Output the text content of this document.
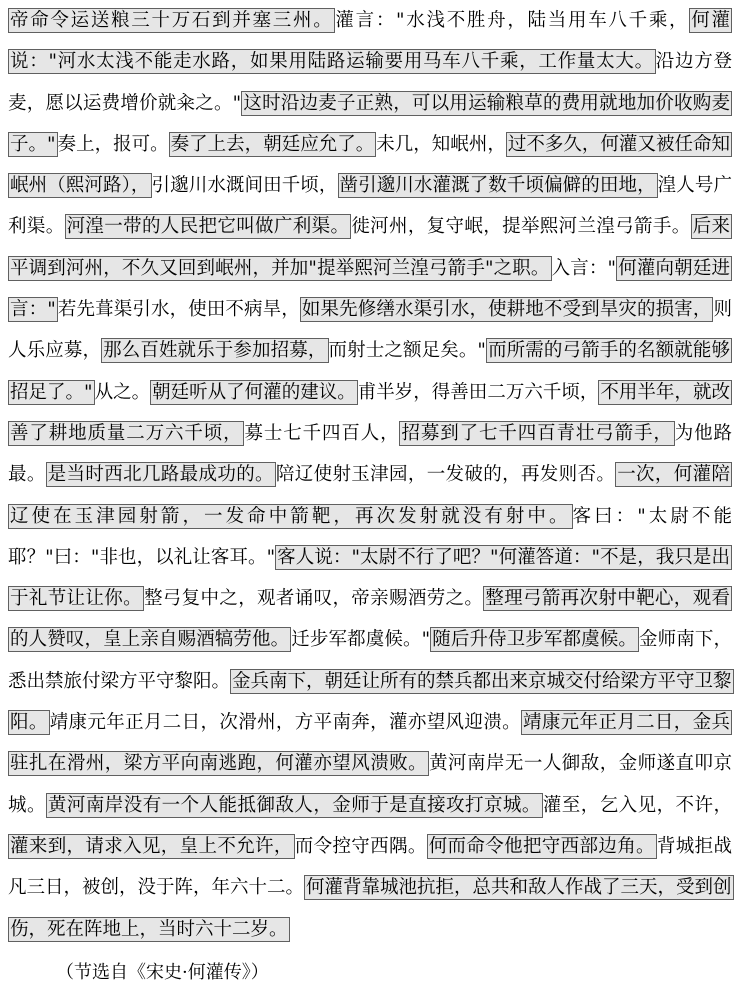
帝命令运送粮三十万石到并塞三州。 灌言："水浅不胜舟，陆当用车八千乘， 何灌说："河水太浅不能走水路，如果用陆路运输要用马车八千乘，工作量太大。 沿边方登麦，愿以运费增价就籴之。" 这时沿边麦子正熟，可以用运输粮草的费用就地加价收购麦子。" 奏上，报可。 奏了上去，朝廷应允了。 未几，知岷州， 过不多久，何灌又被任命知岷州（熙河路）， 引邈川水溉间田千顷， 凿引邈川水灌溉了数千顷偏僻的田地， 湟人号广利渠。 河湟一带的人民把它叫做广利渠。 徙河州，复守岷，提举熙河兰湟弓箭手。 后来平调到河州，不久又回到岷州，并加"提举熙河兰湟弓箭手"之职。 入言：" 何灌向朝廷进言：" 若先葺渠引水，使田不病旱， 如果先修缮水渠引水，使耕地不受到旱灾的损害， 则人乐应募， 那么百姓就乐于参加招募， 而射士之额足矣。" 而所需的弓箭手的名额就能够招足了。" 从之。 朝廷听从了何灌的建议。 甫半岁，得善田二万六千顷， 不用半年，就改善了耕地质量二万六千顷， 募士七千四百人， 招募到了七千四百青壮弓箭手， 为他路最。 是当时西北几路最成功的。 陪辽使射玉津园，一发破的，再发则否。 一次，何灌陪辽使在玉津园射箭，一发命中箭靶，再次发射就没有射中。 客曰："太尉不能耶？"曰："非也，以礼让客耳。" 客人说："太尉不行了吧？"何灌答道："不是，我只是出于礼节让让你。 整弓复中之，观者诵叹，帝亲赐酒劳之。 整理弓箭再次射中靶心，观看的人赞叹，皇上亲自赐酒犒劳他。 迁步军都虞候。" 随后升侍卫步军都虞候。 金师南下，悉出禁旅付梁方平守黎阳。 金兵南下，朝廷让所有的禁兵都出来京城交付给梁方平守卫黎阳。 靖康元年正月二日，次滑州，方平南奔，灌亦望风迎溃。 靖康元年正月二日，金兵驻扎在滑州，梁方平向南逃跑，何灌亦望风溃败。 黄河南岸无一人御敌，金师遂直叩京城。 黄河南岸没有一个人能抵御敌人，金师于是直接攻打京城。 灌至，乞入见，不许，灌来到，请求入见，皇上不允许， 而令控守西隅。 何而命令他把守西部边角。 背城拒战凡三日，被创，没于阵，年六十二。 何灌背靠城池抗拒，总共和敌人作战了三天，受到创伤，死在阵地上，当时六十二岁。
（节选自《宋史·何灌传》）
